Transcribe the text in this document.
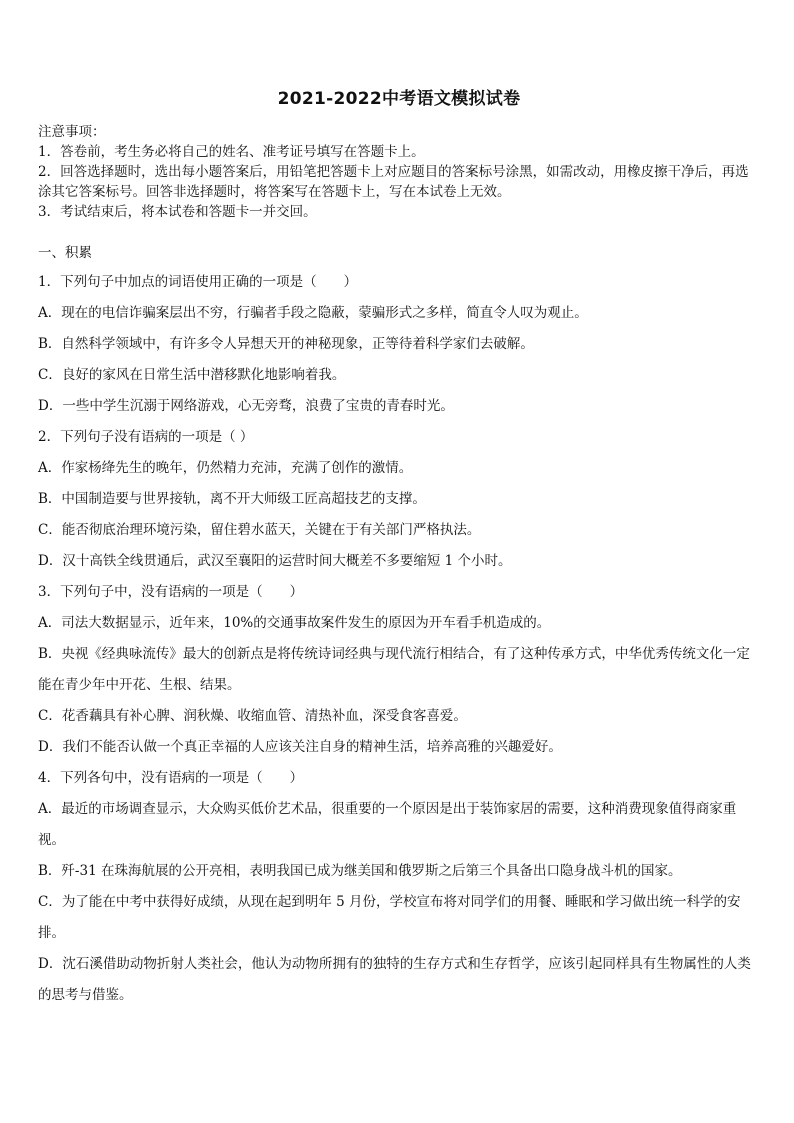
2021-2022中考语文模拟试卷

注意事项：

1．答卷前，考生务必将自己的姓名、准考证号填写在答题卡上。

2．回答选择题时，选出每小题答案后，用铅笔把答题卡上对应题目的答案标号涂黑，如需改动，用橡皮擦干净后，再选涂其它答案标号。回答非选择题时，将答案写在答题卡上，写在本试卷上无效。

3．考试结束后，将本试卷和答题卡一并交回。

一、积累

1．下列句子中加点的词语使用正确的一项是（　　）

A．现在的电信诈骗案层出不穷，行骗者手段之隐蔽，蒙骗形式之多样，简直令人叹为观止。

B．自然科学领域中，有许多令人异想天开的神秘现象，正等待着科学家们去破解。

C．良好的家风在日常生活中潜移默化地影响着我。

D．一些中学生沉溺于网络游戏，心无旁骛，浪费了宝贵的青春时光。

2．下列句子没有语病的一项是（ ）

A．作家杨绛先生的晚年，仍然精力充沛，充满了创作的激情。

B．中国制造要与世界接轨，离不开大师级工匠高超技艺的支撑。

C．能否彻底治理环境污染，留住碧水蓝天，关键在于有关部门严格执法。

D．汉十高铁全线贯通后，武汉至襄阳的运营时间大概差不多要缩短 1 个小时。

3．下列句子中，没有语病的一项是（　　）

A．司法大数据显示，近年来，10%的交通事故案件发生的原因为开车看手机造成的。

B．央视《经典咏流传》最大的创新点是将传统诗词经典与现代流行相结合，有了这种传承方式，中华优秀传统文化一定能在青少年中开花、生根、结果。

C．花香藕具有补心脾、润秋燥、收缩血管、清热补血，深受食客喜爱。

D．我们不能否认做一个真正幸福的人应该关注自身的精神生活，培养高雅的兴趣爱好。

4．下列各句中，没有语病的一项是（　　）

A．最近的市场调查显示，大众购买低价艺术品，很重要的一个原因是出于装饰家居的需要，这种消费现象值得商家重视。

B．歼-31 在珠海航展的公开亮相，表明我国已成为继美国和俄罗斯之后第三个具备出口隐身战斗机的国家。

C．为了能在中考中获得好成绩，从现在起到明年 5 月份，学校宣布将对同学们的用餐、睡眠和学习做出统一科学的安排。

D．沈石溪借助动物折射人类社会，他认为动物所拥有的独特的生存方式和生存哲学，应该引起同样具有生物属性的人类的思考与借鉴。
